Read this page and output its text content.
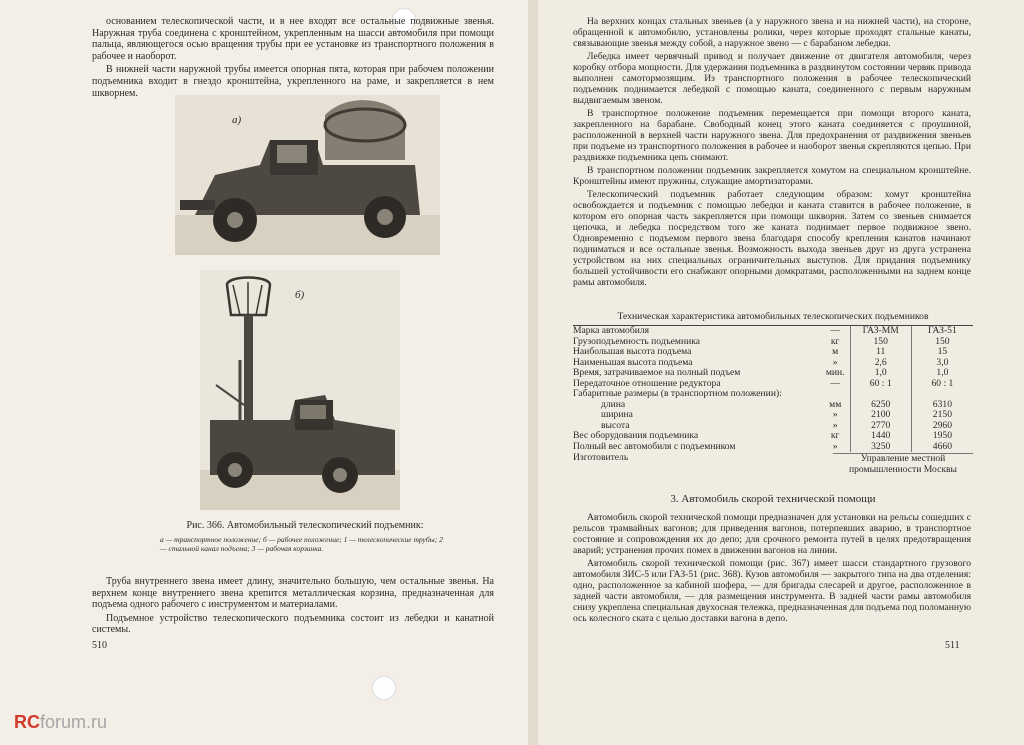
основанием телескопической части, и в нее входят все остальные подвижные звенья. Наружная труба соединена с кронштейном, укрепленным на шасси автомобиля при помощи пальца, являющегося осью вращения трубы при ее установке из транспортного положения в рабочее и наоборот.

В нижней части наружной трубы имеется опорная пята, которая при рабочем положении подъемника входит в гнездо кронштейна, укрепленного на раме, и закрепляется в нем шкворнем.

a)
б)
Рис. 366. Автомобильный телескопический подъемник:
а — транспортное положение; б — рабочее положение; 1 — телескопические трубы; 2 — стальной канал подъема; 3 — рабочая корзинка.

Труба внутреннего звена имеет длину, значительно большую, чем остальные звенья. На верхнем конце внутреннего звена крепится металлическая корзина, предназначенная для подъема одного рабочего с инструментом и материалами.

Подъемное устройство телескопического подъемника состоит из лебедки и канатной системы.

510

На верхних концах стальных звеньев (а у наружного звена и на нижней части), на стороне, обращенной к автомобилю, установлены ролики, через которые проходят стальные канаты, связывающие звенья между собой, а наружное звено — с барабаном лебедки.

Лебедка имеет червячный привод и получает движение от двигателя автомобиля, через коробку отбора мощности. Для удержания подъемника в раздвинутом состоянии червяк привода выполнен самотормозящим. Из транспортного положения в рабочее телескопический подъемник поднимается лебедкой с помощью каната, соединенного с первым наружным выдвигаемым звеном.

В транспортное положение подъемник перемещается при помощи второго каната, закрепленного на барабане. Свободный конец этого каната соединяется с проушиной, расположенной в верхней части наружного звена. Для предохранения от раздвижения звеньев при подъеме из транспортного положения в рабочее и наоборот звенья скрепляются цепью. При раздвижке подъемника цепь снимают.

В транспортном положении подъемник закрепляется хомутом на специальном кронштейне. Кронштейны имеют пружины, служащие амортизаторами.

Телескопический подъемник работает следующим образом: хомут кронштейна освобождается и подъемник с помощью лебедки и каната ставится в рабочее положение, в котором его опорная часть закрепляется при помощи шкворня. Затем со звеньев снимается цепочка, и лебедка посредством того же каната поднимает первое подвижное звено. Одновременно с подъемом первого звена благодаря способу крепления канатов начинают подниматься и все остальные звенья. Возможность выхода звеньев друг из друга устранена устройством на них специальных ограничительных выступов. Для придания подъемнику большей устойчивости его снабжают опорными домкратами, расположенными на заднем конце рамы автомобиля.

Техническая характеристика автомобильных телескопических подъемников
Марка автомобиля	—	ГАЗ-ММ	ГАЗ-51
Грузоподъемность подъемника	кг	150	150
Наибольшая высота подъема	м	11	15
Наименьшая высота подъема	»	2,6	3,0
Время, затрачиваемое на полный подъем	мин.	1,0	1,0
Передаточное отношение редуктора	—	60 : 1	60 : 1
Габаритные размеры (в транспортном положении):			
длина	мм	6250	6310
ширина	»	2100	2150
высота	»	2770	2960
Вес оборудования подъемника	кг	1440	1950
Полный вес автомобиля с подъемником	»	3250	4660
Изготовитель	Управление местной промышленности Москвы
3. Автомобиль скорой технической помощи

Автомобиль скорой технической помощи предназначен для установки на рельсы сошедших с рельсов трамвайных вагонов; для приведения вагонов, потерпевших аварию, в транспортное состояние и сопровождения их до депо; для срочного ремонта путей в целях предотвращения аварий; устранения прочих помех в движении вагонов на линии.

Автомобиль скорой технической помощи (рис. 367) имеет шасси стандартного грузового автомобиля ЗИС-5 или ГАЗ-51 (рис. 368). Кузов автомобиля — закрытого типа на два отделения: одно, расположенное за кабиной шофера, — для бригады слесарей и другое, расположенное в задней части автомобиля, — для размещения инструмента. В задней части рамы автомобиля снизу укреплена специальная двухосная тележка, предназначенная для подъема под поломанную ось колесного ската с целью доставки вагона в депо.

511
RCforum.ru
